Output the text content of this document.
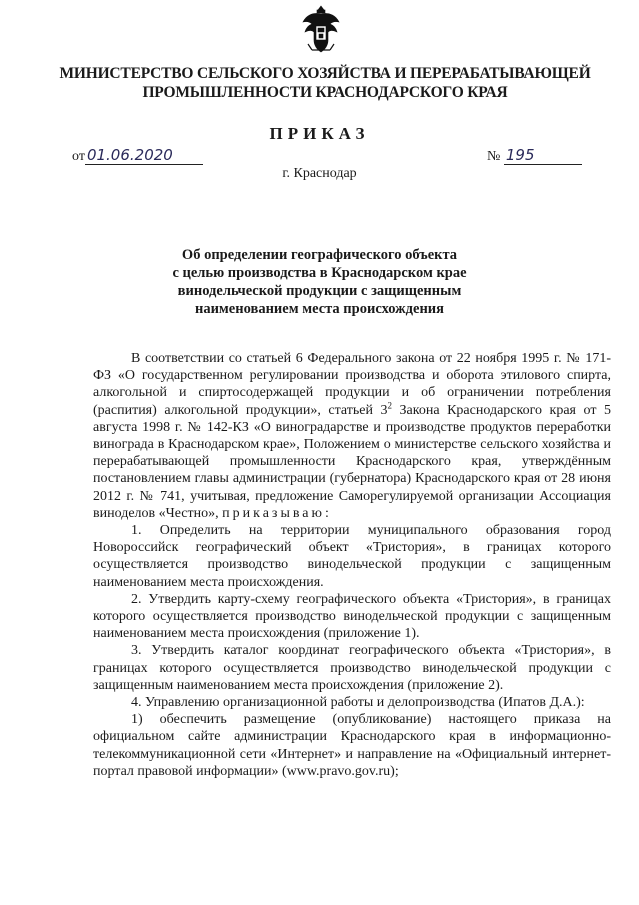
МИНИСТЕРСТВО СЕЛЬСКОГО ХОЗЯЙСТВА И ПЕРЕРАБАТЫВАЮЩЕЙ
ПРОМЫШЛЕННОСТИ КРАСНОДАРСКОГО КРАЯ
ПРИКАЗ
от 01.06.2020	№ 195
г. Краснодар
Об определении географического объекта
с целью производства в Краснодарском крае
винодельческой продукции с защищенным
наименованием места происхождения

В соответствии со статьей 6 Федерального закона от 22 ноября 1995 г. № 171-ФЗ «О государственном регулировании производства и оборота этилового спирта, алкогольной и спиртосодержащей продукции и об ограничении потребления (распития) алкогольной продукции», статьей $3^2$ Закона Краснодарского края от 5 августа 1998 г. № 142-КЗ «О виноградарстве и производстве продуктов переработки винограда в Краснодарском крае», Положением о министерстве сельского хозяйства и перерабатывающей промышленности Краснодарского края, утверждённым постановлением главы администрации (губернатора) Краснодарского края от 28 июня 2012 г. № 741, учитывая, предложение Саморегулируемой организации Ассоциация виноделов «Честно», приказываю:

1. Определить на территории муниципального образования город Новороссийск географический объект «Тристория», в границах которого осуществляется производство винодельческой продукции с защищенным наименованием места происхождения.

2. Утвердить карту-схему географического объекта «Тристория», в границах которого осуществляется производство винодельческой продукции с защищенным наименованием места происхождения (приложение 1).

3. Утвердить каталог координат географического объекта «Тристория», в границах которого осуществляется производство винодельческой продукции с защищенным наименованием места происхождения (приложение 2).

4. Управлению организационной работы и делопроизводства (Ипатов Д.А.):

1) обеспечить размещение (опубликование) настоящего приказа на официальном сайте администрации Краснодарского края в информационно-телекоммуникационной сети «Интернет» и направление на «Официальный интернет-портал правовой информации» (www.pravo.gov.ru);
